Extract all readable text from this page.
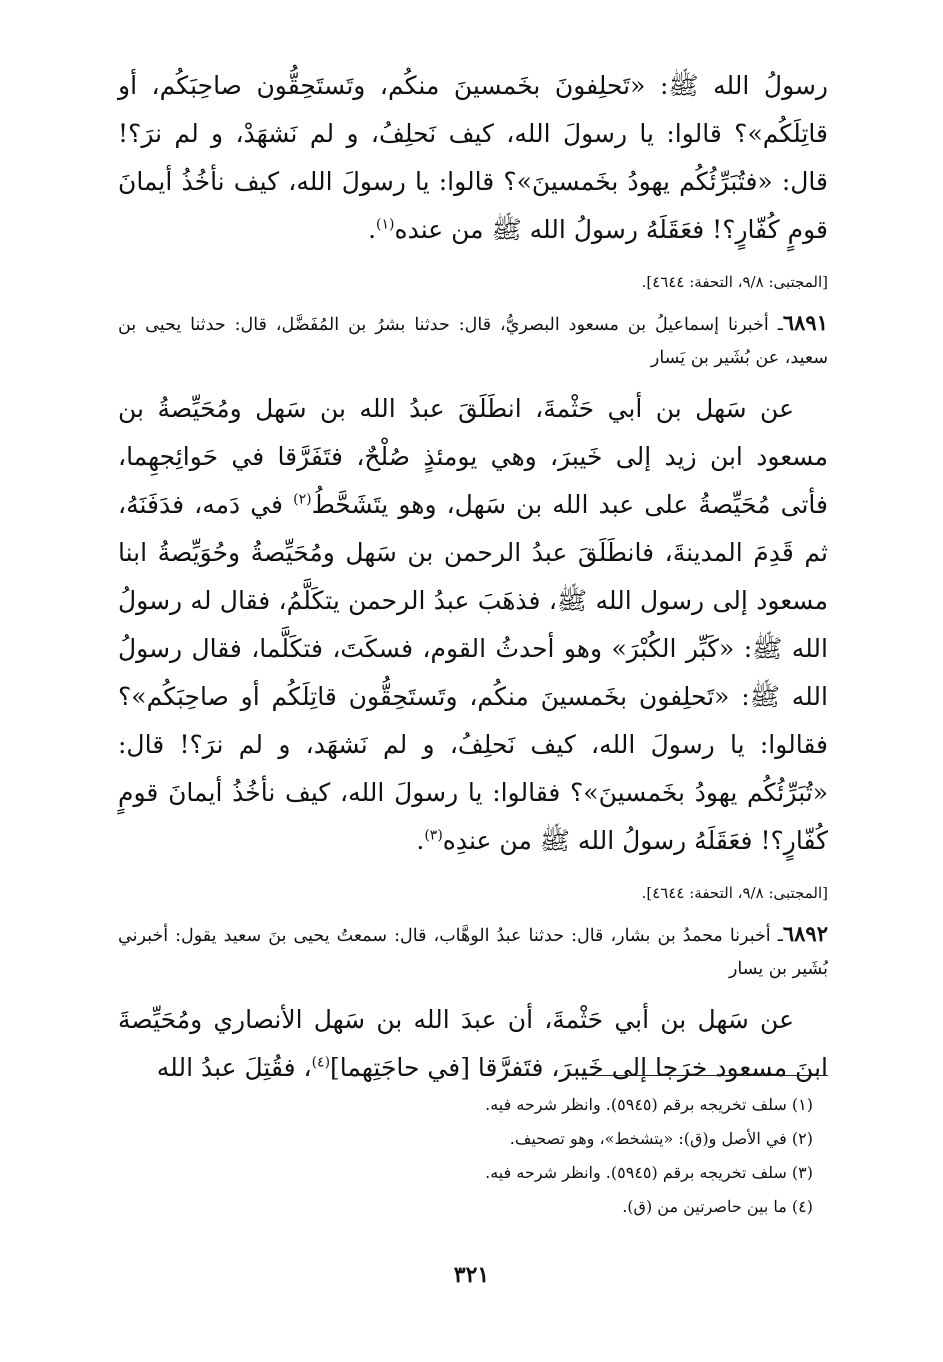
رسولُ الله ﷺ: «تَحلِفونَ بخَمسينَ منكُم، وتَستَحِقُّون صاحِبَكُم، أو قاتِلَكُم»؟ قالوا: يا رسولَ الله، كيف نَحلِفُ، و لم نَشهَدْ، و لم نرَ؟! قال: «فتُبَرِّئُكُم يهودُ بخَمسينَ»؟ قالوا: يا رسولَ الله، كيف نأخُذُ أيمانَ قومٍ كُفّارٍ؟! فعَقَلَهُ رسولُ الله ﷺ من عنده$^{(١)}$.

[المجتبى: ٩/٨، التحفة: ٤٦٤٤].

٦٨٩١ـ أخبرنا إسماعيلُ بن مسعود البصريُّ، قال: حدثنا بشرُ بن المُفَضَّل، قال: حدثنا يحيى بن سعيد، عن بُشَير بن يَسار

عن سَهل بن أبي حَثْمةَ، انطَلَقَ عبدُ الله بن سَهل ومُحَيِّصةُ بن مسعود ابن زيد إلى خَيبرَ، وهي يومئذٍ صُلْحٌ، فتَفَرَّقا في حَوائِجهِما، فأتى مُحَيِّصةُ على عبد الله بن سَهل، وهو يتَشَحَّطُ$^{(٢)}$ في دَمه، فدَفَنَهُ، ثم قَدِمَ المدينةَ، فانطَلَقَ عبدُ الرحمن بن سَهل ومُحَيِّصةُ وحُوَيِّصةُ ابنا مسعود إلى رسول الله ﷺ، فذهَبَ عبدُ الرحمن يتكَلَّمُ، فقال له رسولُ الله ﷺ: «كَبِّر الكُبْرَ» وهو أحدثُ القوم، فسكَتَ، فتكَلَّما، فقال رسولُ الله ﷺ: «تَحلِفون بخَمسينَ منكُم، وتَستَحِقُّون قاتِلَكُم أو صاحِبَكُم»؟ فقالوا: يا رسولَ الله، كيف نَحلِفُ، و لم نَشهَد، و لم نرَ؟! قال: «تُبَرِّئُكُم يهودُ بخَمسينَ»؟ فقالوا: يا رسولَ الله، كيف نأخُذُ أيمانَ قومٍ كُفّارٍ؟! فعَقَلَهُ رسولُ الله ﷺ من عندِه$^{(٣)}$.

[المجتبى: ٩/٨، التحفة: ٤٦٤٤].

٦٨٩٢ـ أخبرنا محمدُ بن بشار، قال: حدثنا عبدُ الوهَّاب، قال: سمعتُ يحيى بنَ سعيد يقول: أخبرني بُشَير بن يسار

عن سَهل بن أبي حَثْمةَ، أن عبدَ الله بن سَهل الأنصاري ومُحَيِّصةَ ابنَ مسعود خرَجا إلى خَيبرَ، فتَفرَّقا [في حاجَتِهما]$^{(٤)}$، فقُتِلَ عبدُ الله

(١) سلف تخريجه برقم (٥٩٤٥). وانظر شرحه فيه.
(٢) في الأصل و(ق): «يتشخط»، وهو تصحيف.
(٣) سلف تخريجه برقم (٥٩٤٥). وانظر شرحه فيه.
(٤) ما بين حاصرتين من (ق).
٣٢١
